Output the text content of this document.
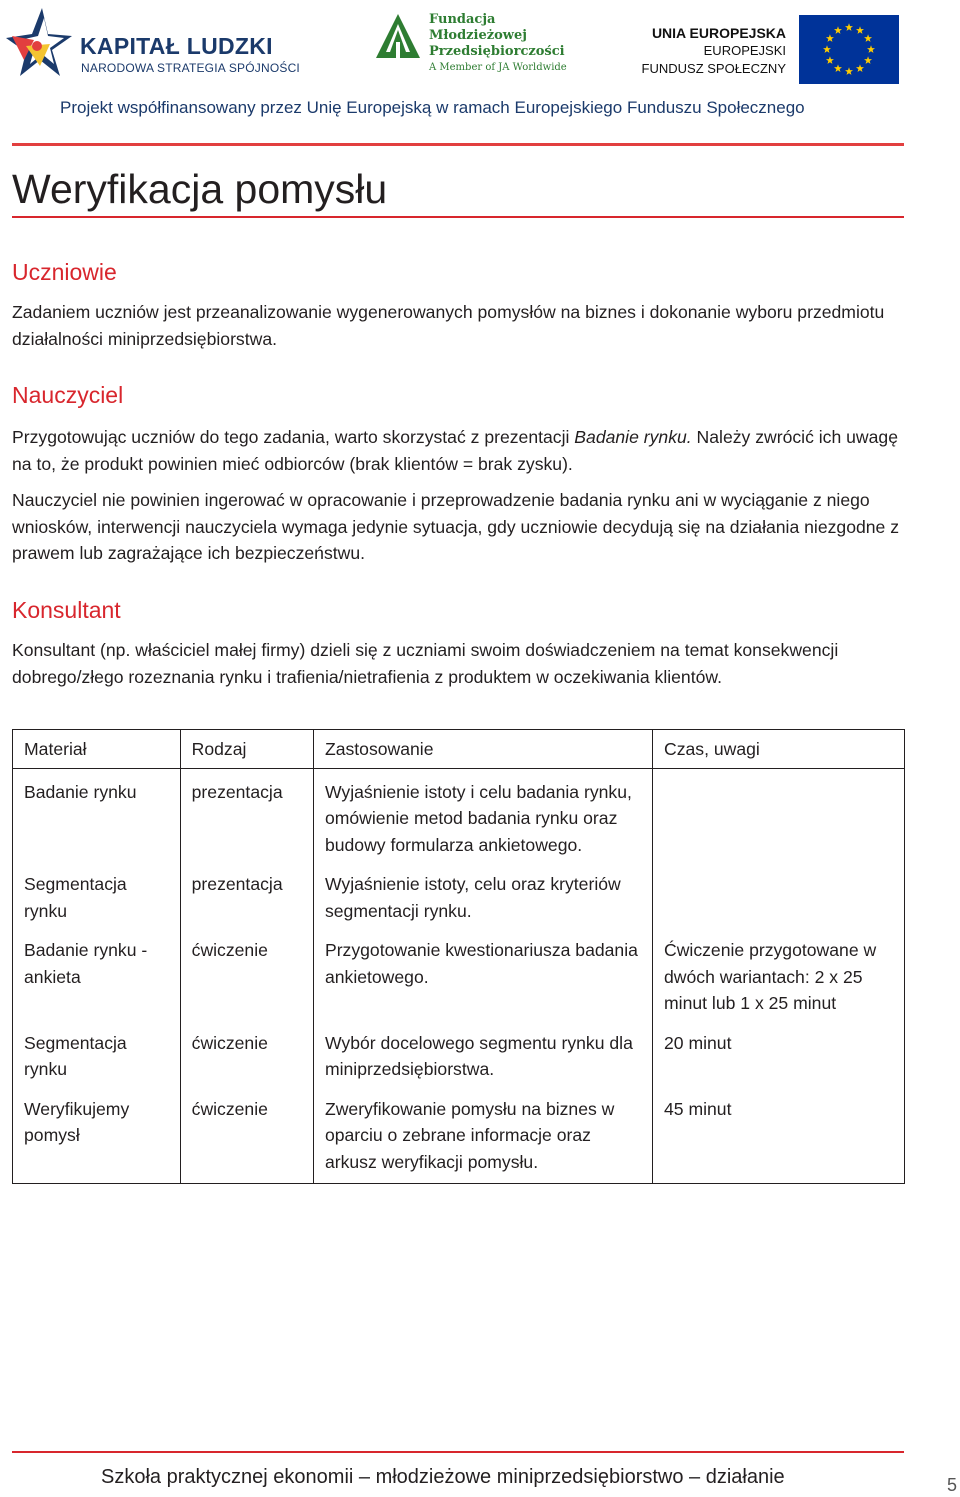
KAPITAŁ LUDZKI
NARODOWA STRATEGIA SPÓJNOŚCI
Fundacja
Młodzieżowej
Przedsiębiorczości
A Member of JA Worldwide
UNIA EUROPEJSKA
EUROPEJSKI
FUNDUSZ SPOŁECZNY
Projekt współfinansowany przez Unię Europejską w ramach Europejskiego Funduszu Społecznego
Weryfikacja pomysłu
Uczniowie
Zadaniem uczniów jest przeanalizowanie wygenerowanych pomysłów na biznes i dokonanie wyboru przedmiotu działalności miniprzedsiębiorstwa.
Nauczyciel
Przygotowując uczniów do tego zadania, warto skorzystać z prezentacji Badanie rynku. Należy zwrócić ich uwagę na to, że produkt powinien mieć odbiorców (brak klientów = brak zysku).
Nauczyciel nie powinien ingerować w opracowanie i przeprowadzenie badania rynku ani w wyciąganie z niego wniosków, interwencji nauczyciela wymaga jedynie sytuacja, gdy uczniowie decydują się na działania niezgodne z prawem lub zagrażające ich bezpieczeństwu.
Konsultant
Konsultant (np. właściciel małej firmy) dzieli się z uczniami swoim doświadczeniem na temat konsekwencji dobrego/złego rozeznania rynku i trafienia/nietrafienia z produktem w oczekiwania klientów.
Materiał	Rodzaj	Zastosowanie	Czas, uwagi
Badanie rynku	prezentacja	Wyjaśnienie istoty i celu badania rynku, omówienie metod badania rynku oraz budowy formularza ankietowego.	
Segmentacja rynku	prezentacja	Wyjaśnienie istoty, celu oraz kryteriów segmentacji rynku.	
Badanie rynku - ankieta	ćwiczenie	Przygotowanie kwestionariusza badania ankietowego.	Ćwiczenie przygotowane w dwóch wariantach: 2 x 25 minut lub 1 x 25 minut
Segmentacja rynku	ćwiczenie	Wybór docelowego segmentu rynku dla miniprzedsiębiorstwa.	20 minut
Weryfikujemy pomysł	ćwiczenie	Zweryfikowanie pomysłu na biznes w oparciu o zebrane informacje oraz arkusz weryfikacji pomysłu.	45 minut
Szkoła praktycznej ekonomii – młodzieżowe miniprzedsiębiorstwo – działanie	5
